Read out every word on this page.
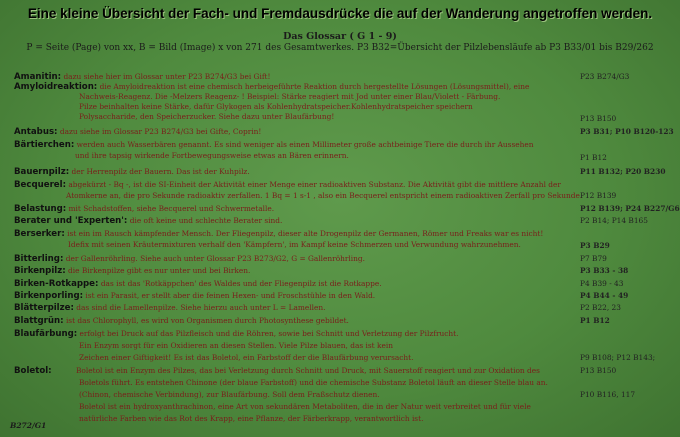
Eine kleine Übersicht der Fach- und Fremdausdrücke die auf der Wanderung angetroffen werden.
Das Glossar ( G 1 - 9)
P = Seite (Page) von xx, B = Bild (Image) x von 271 des Gesamtwerkes. P3 B32=Übersicht der Pilzlebensläufe ab P3 B33/01 bis B29/262
Amanitin: dazu siehe hier im Glossar unter P23 B274/G3 bei Gift!
Amyloidreaktion: die Amyloidreaktion ist eine chemisch herbeigeführte Reaktion durch hergestellte Lösungen (Lösungsmittel), eine
Nachweis-Reagenz. Die -Melzers Reagenz- ! Beispiel: Stärke reagiert mit Jod unter einer Blau/Violett - Färbung.
Pilze beinhalten keine Stärke, dafür Glykogen als Kohlenhydratspeicher.Kohlenhydratspeicher speichern
Polysaccharide, den Speicherzucker. Siehe dazu unter Blaufärbung!
Antabus: dazu siehe im Glossar P23 B274/G3 bei Gifte, Coprin!
Bärtierchen: werden auch Wasserbären genannt. Es sind weniger als einen Millimeter große achtbeinige Tiere die durch ihr Aussehen
und ihre tapsig wirkende Fortbewegungsweise etwas an Bären erinnern.
Bauernpilz: der Herrenpilz der Bauern. Das ist der Kuhpilz.
Becquerel: abgekürzt - Bq -, ist die SI-Einheit der Aktivität einer Menge einer radioaktiven Substanz. Die Aktivität gibt die mittlere Anzahl der
Atomkerne an, die pro Sekunde radioaktiv zerfallen. 1 Bq = 1 s-1 , also ein Becquerel entspricht einem radioaktiven Zerfall pro Sekunde.
Belastung: mit Schadstoffen, siehe Becquerel und Schwermetalle.
Berater und 'Experten': die oft keine und schlechte Berater sind.
Berserker: ist ein im Rausch kämpfender Mensch. Der Fliegenpilz, dieser alte Drogenpilz der Germanen, Römer und Freaks war es nicht!
Idefix mit seinen Kräutermixturen verhalf den 'Kämpfern', im Kampf keine Schmerzen und Verwundung wahrzunehmen.
Bitterling: der Gallenröhrling. Siehe auch unter Glossar P23 B273/G2, G = Gallenröhrling.
Birkenpilz: die Birkenpilze gibt es nur unter und bei Birken.
Birken-Rotkappe: das ist das 'Rotkäppchen' des Waldes und der Fliegenpilz ist die Rotkappe.
Birkenporling: ist ein Parasit, er stellt aber die feinen Hexen- und Froschstühle in den Wald.
Blätterpilze: das sind die Lamellenpilze. Siehe hierzu auch unter L = Lamellen.
Blattgrün: ist das Chlorophyll, es wird von Organismen durch Photosynthese gebildet.
Blaufärbung: erfolgt bei Druck auf das Pilzfleisch und die Röhren, sowie bei Schnitt und Verletzung der Pilzfrucht.
Ein Enzym sorgt für ein Oxidieren an diesen Stellen. Viele Pilze blauen, das ist kein
Zeichen einer Giftigkeit! Es ist das Boletol, ein Farbstoff der die Blaufärbung verursacht.
Boletol:	Boletol ist ein Enzym des Pilzes, das bei Verletzung durch Schnitt und Druck, mit Sauerstoff reagiert und zur Oxidation des
Boletols führt. Es entstehen Chinone (der blaue Farbstoff) und die chemische Substanz Boletol läuft an dieser Stelle blau an.
(Chinon, chemische Verbindung), zur Blaufärbung. Soll dem Fraßschutz dienen.
Boletol ist ein hydroxyanthrachinon, eine Art von sekundären Metaboliten, die in der Natur weit verbreitet und für viele
natürliche Farben wie das Rot des Krapp, eine Pflanze, der Färberkrapp, verantwortlich ist.
P23 B274/G3
P13 B150
P3 B31; P10 B120-123
P1 B12
P11 B132; P20 B230
P12 B139
P12 B139; P24 B227/G6
P2 B14; P14 B165
P3 B29
P7 B79
P3 B33 - 38
P4 B39 - 43
P4 B44 - 49
P2 B22, 23
P1 B12
P9 B108; P12 B143;
P13 B150
P10 B116, 117
B272/G1
